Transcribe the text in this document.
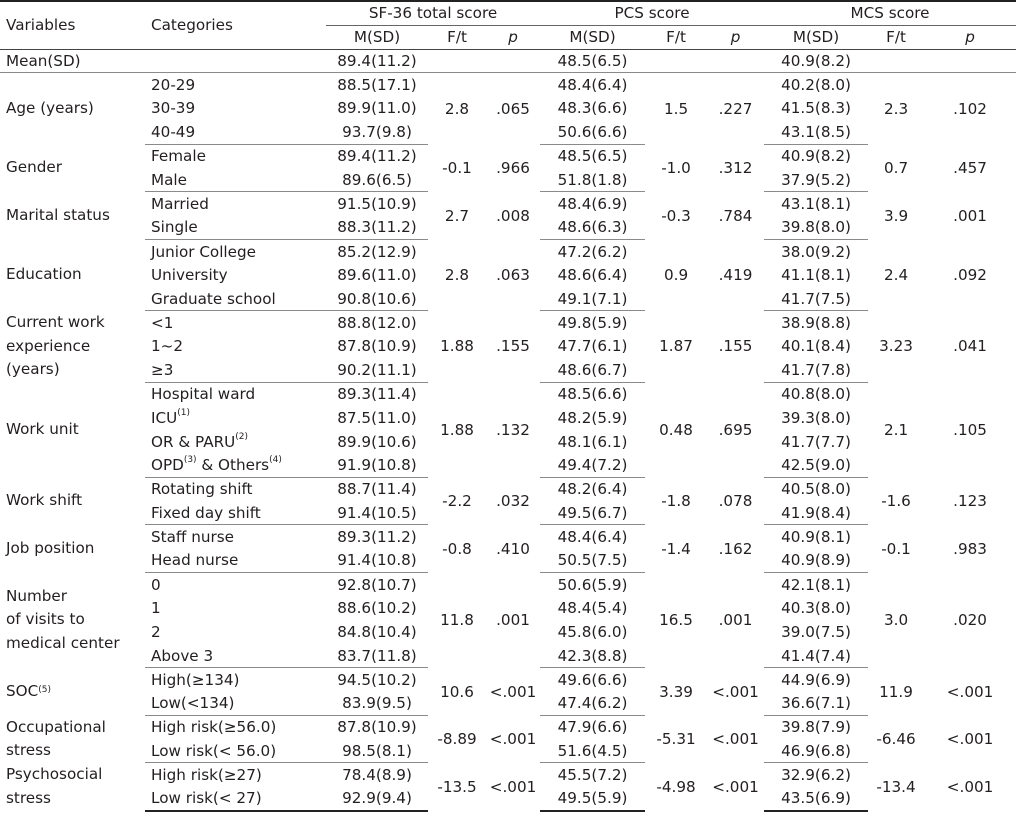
Variables	Categories	SF-36 total score			PCS score			MCS score		
		M(SD)	F/t	p	M(SD)	F/t	p	M(SD)	F/t	p
Mean(SD)		89.4(11.2)			48.5(6.5)			40.9(8.2)		

Age (years)	20-29	88.5(17.1)	2.8	.065	48.4(6.4)	1.5	.227	40.2(8.0)	2.3	.102
	30-39	89.9(11.0)			48.3(6.6)			41.5(8.3)		
	40-49	93.7(9.8)			50.6(6.6)			43.1(8.5)		

Gender	Female	89.4(11.2)	-0.1	.966	48.5(6.5)	-1.0	.312	40.9(8.2)	0.7	.457
	Male	89.6(6.5)			51.8(1.8)			37.9(5.2)		

Marital status	Married	91.5(10.9)	2.7	.008	48.4(6.9)	-0.3	.784	43.1(8.1)	3.9	.001
	Single	88.3(11.2)			48.6(6.3)			39.8(8.0)		

Education	Junior College	85.2(12.9)	2.8	.063	47.2(6.2)	0.9	.419	38.0(9.2)	2.4	.092
	University	89.6(11.0)			48.6(6.4)			41.1(8.1)		
	Graduate school	90.8(10.6)			49.1(7.1)			41.7(7.5)		

Current work
experience
(years)	<1	88.8(12.0)	1.88	.155	49.8(5.9)	1.87	.155	38.9(8.8)	3.23	.041
	1~2	87.8(10.9)			47.7(6.1)			40.1(8.4)		
	≥3	90.2(11.1)			48.6(6.7)			41.7(7.8)		

Work unit	Hospital ward	89.3(11.4)	1.88	.132	48.5(6.6)	0.48	.695	40.8(8.0)	2.1	.105
	ICU$^{(1)}$	87.5(11.0)			48.2(5.9)			39.3(8.0)		
	OR & PARU$^{(2)}$	89.9(10.6)			48.1(6.1)			41.7(7.7)		
	OPD$^{(3)}$ & Others$^{(4)}$	91.9(10.8)			49.4(7.2)			42.5(9.0)		

Work shift	Rotating shift	88.7(11.4)	-2.2	.032	48.2(6.4)	-1.8	.078	40.5(8.0)	-1.6	.123
	Fixed day shift	91.4(10.5)			49.5(6.7)			41.9(8.4)		

Job position	Staff nurse	89.3(11.2)	-0.8	.410	48.4(6.4)	-1.4	.162	40.9(8.1)	-0.1	.983
	Head nurse	91.4(10.8)			50.5(7.5)			40.9(8.9)		

Number
of visits to
medical center	0	92.8(10.7)	11.8	.001	50.6(5.9)	16.5	.001	42.1(8.1)	3.0	.020
	1	88.6(10.2)			48.4(5.4)			40.3(8.0)		
	2	84.8(10.4)			45.8(6.0)			39.0(7.5)		
	Above 3	83.7(11.8)			42.3(8.8)			41.4(7.4)		

SOC$^{(5)}$	High(≥134)	94.5(10.2)	10.6	<.001	49.6(6.6)	3.39	<.001	44.9(6.9)	11.9	<.001
	Low(<134)	83.9(9.5)			47.4(6.2)			36.6(7.1)		

Occupational
stress	High risk(≥56.0)	87.8(10.9)	-8.89	<.001	47.9(6.6)	-5.31	<.001	39.8(7.9)	-6.46	<.001
	Low risk(< 56.0)	98.5(8.1)			51.6(4.5)			46.9(6.8)		

Psychosocial
stress	High risk(≥27)	78.4(8.9)	-13.5	<.001	45.5(7.2)	-4.98	<.001	32.9(6.2)	-13.4	<.001
	Low risk(< 27)	92.9(9.4)			49.5(5.9)			43.5(6.9)		
